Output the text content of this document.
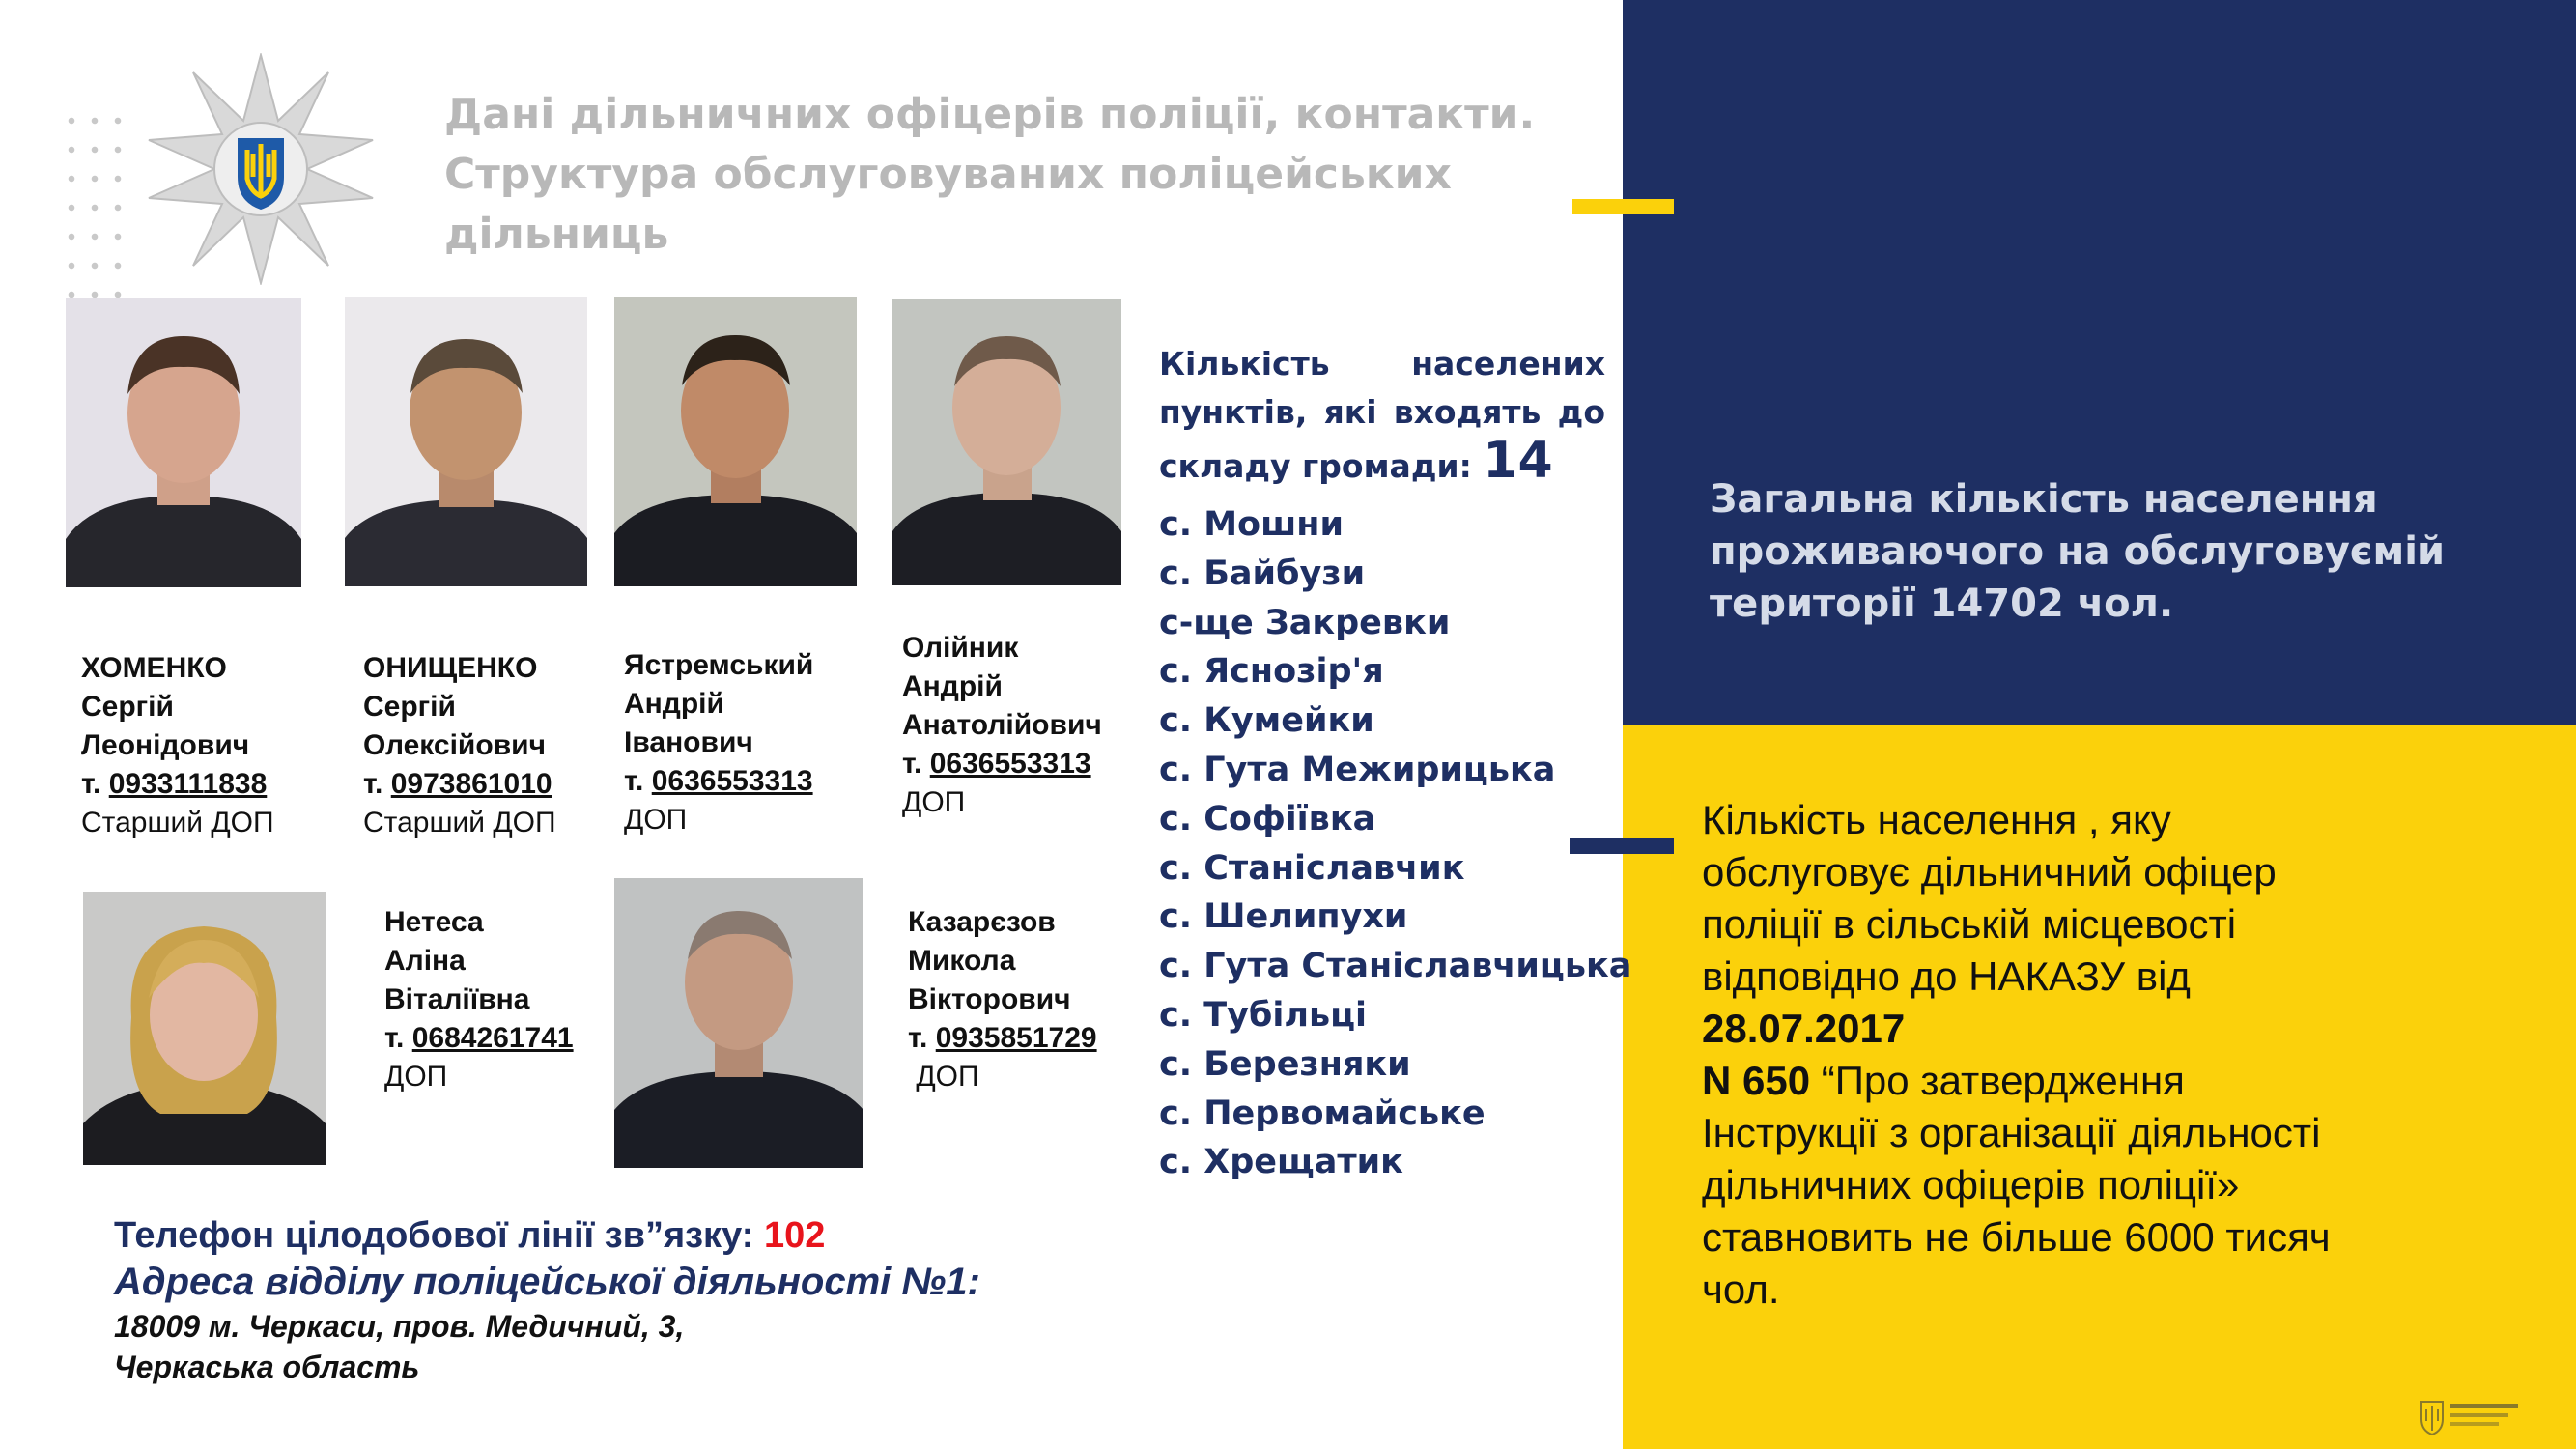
Дані дільничних офіцерів поліції, контакти.
Структура обслуговуваних поліцейських
дільниць
ХОМЕНКО
Сергій
Леонідович
т. 0933111838
Старший ДОП
ОНИЩЕНКО
Сергій
Олексійович
т. 0973861010
Старший ДОП
Ястремський
Андрій
Іванович
т. 0636553313
ДОП
Олійник
Андрій
Анатолійович
т. 0636553313
ДОП
Нетеса
Аліна
Віталіївна
т. 0684261741
ДОП
Казарєзов
Микола
Вікторович
т. 0935851729
ДОП
Кількість населених пунктів, які входять до складу громади: 14
с. Мошни
с. Байбузи
с-ще Закревки
с. Яснозір'я
с. Кумейки
с. Гута Межирицька
с. Софіївка
с. Станіславчик
с. Шелипухи
с. Гута Станіславчицька
с. Тубільці
с. Березняки
с. Первомайське
с. Хрещатик
Телефон цілодобової лінії зв”язку: 102
Адреса відділу поліцейської діяльності №1:
18009 м. Черкаси, пров. Медичний, 3,
Черкаська область
Загальна кількість населення
проживаючого на обслуговуємій
території 14702 чол.
Кількість населення , яку
обслуговує дільничний офіцер
поліції в сільській місцевості
відповідно до НАКАЗУ від
28.07.2017
N 650 “Про затвердження
Інструкції з організації діяльності
дільничних офіцерів поліції»
ставновить не більше 6000 тисяч
чол.
